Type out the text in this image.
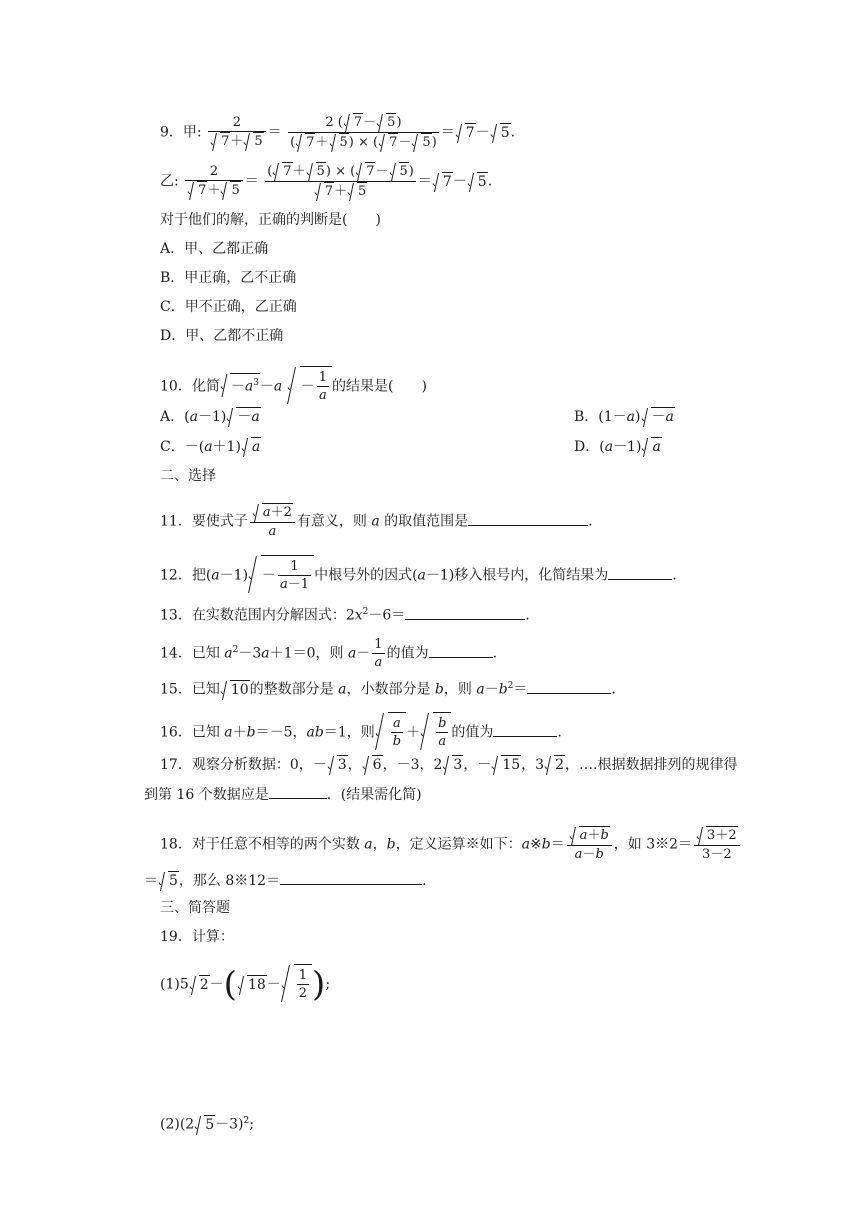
9．甲: $\frac{2}{7+ 5} = \frac{2 ( 7- 5)}{( 7+ 5) \times ( 7- 5)} = 7- 5$.
乙: $\frac{2}{7+ 5} = \frac{( 7+ 5) \times ( 7- 5)}{7+ 5} = 7- 5$.
对于他们的解，正确的判断是(　　)
A．甲、乙都正确
B．甲正确，乙不正确
C．甲不正确，乙正确
D．甲、乙都不正确
10．化简 $-a^3-a - \frac{1}{a}$ 的结果是(　　)
A．(a－1) －a	B．(1－a) －a
C．－(a＋1) a	D．(a－1) a
二、选择
11．要使式子 $\frac{a+2}{a}$ 有意义，则 a 的取值范围是	.
12．把$(a-1) - \frac{1}{a-1}$ 中根号外的因式(a－1)移入根号内，化简结果为	.
13．在实数范围内分解因式：$2x^2-6=$	.
14．已知 $a^2-3a+1=0$，则 $a- \frac{1}{a}$ 的值为	.
15．已知 10的整数部分是 a，小数部分是 b，则 $a-b^2=$	.
16．已知 a＋b＝－5，ab＝1，则 $\frac{a}{b} + \frac{b}{a}$ 的值为	.
17．观察分析数据：0，－ 3， 6，－3，2 3，－ 15，3 2，….根据数据排列的规律得
到第 16 个数据应是	．(结果需化简)
18．对于任意不相等的两个实数 a，b，定义运算※如下：a※b＝ $\frac{a+b}{a-b}$ ，如 3※2＝ $\frac{3+2}{3-2}$
＝ 5，那么 8※12＝	.
三、简答题
19．计算：
(1)5 2－( $18- \frac{1}{2}$ );
(2)(2 5－3)$^2$;
